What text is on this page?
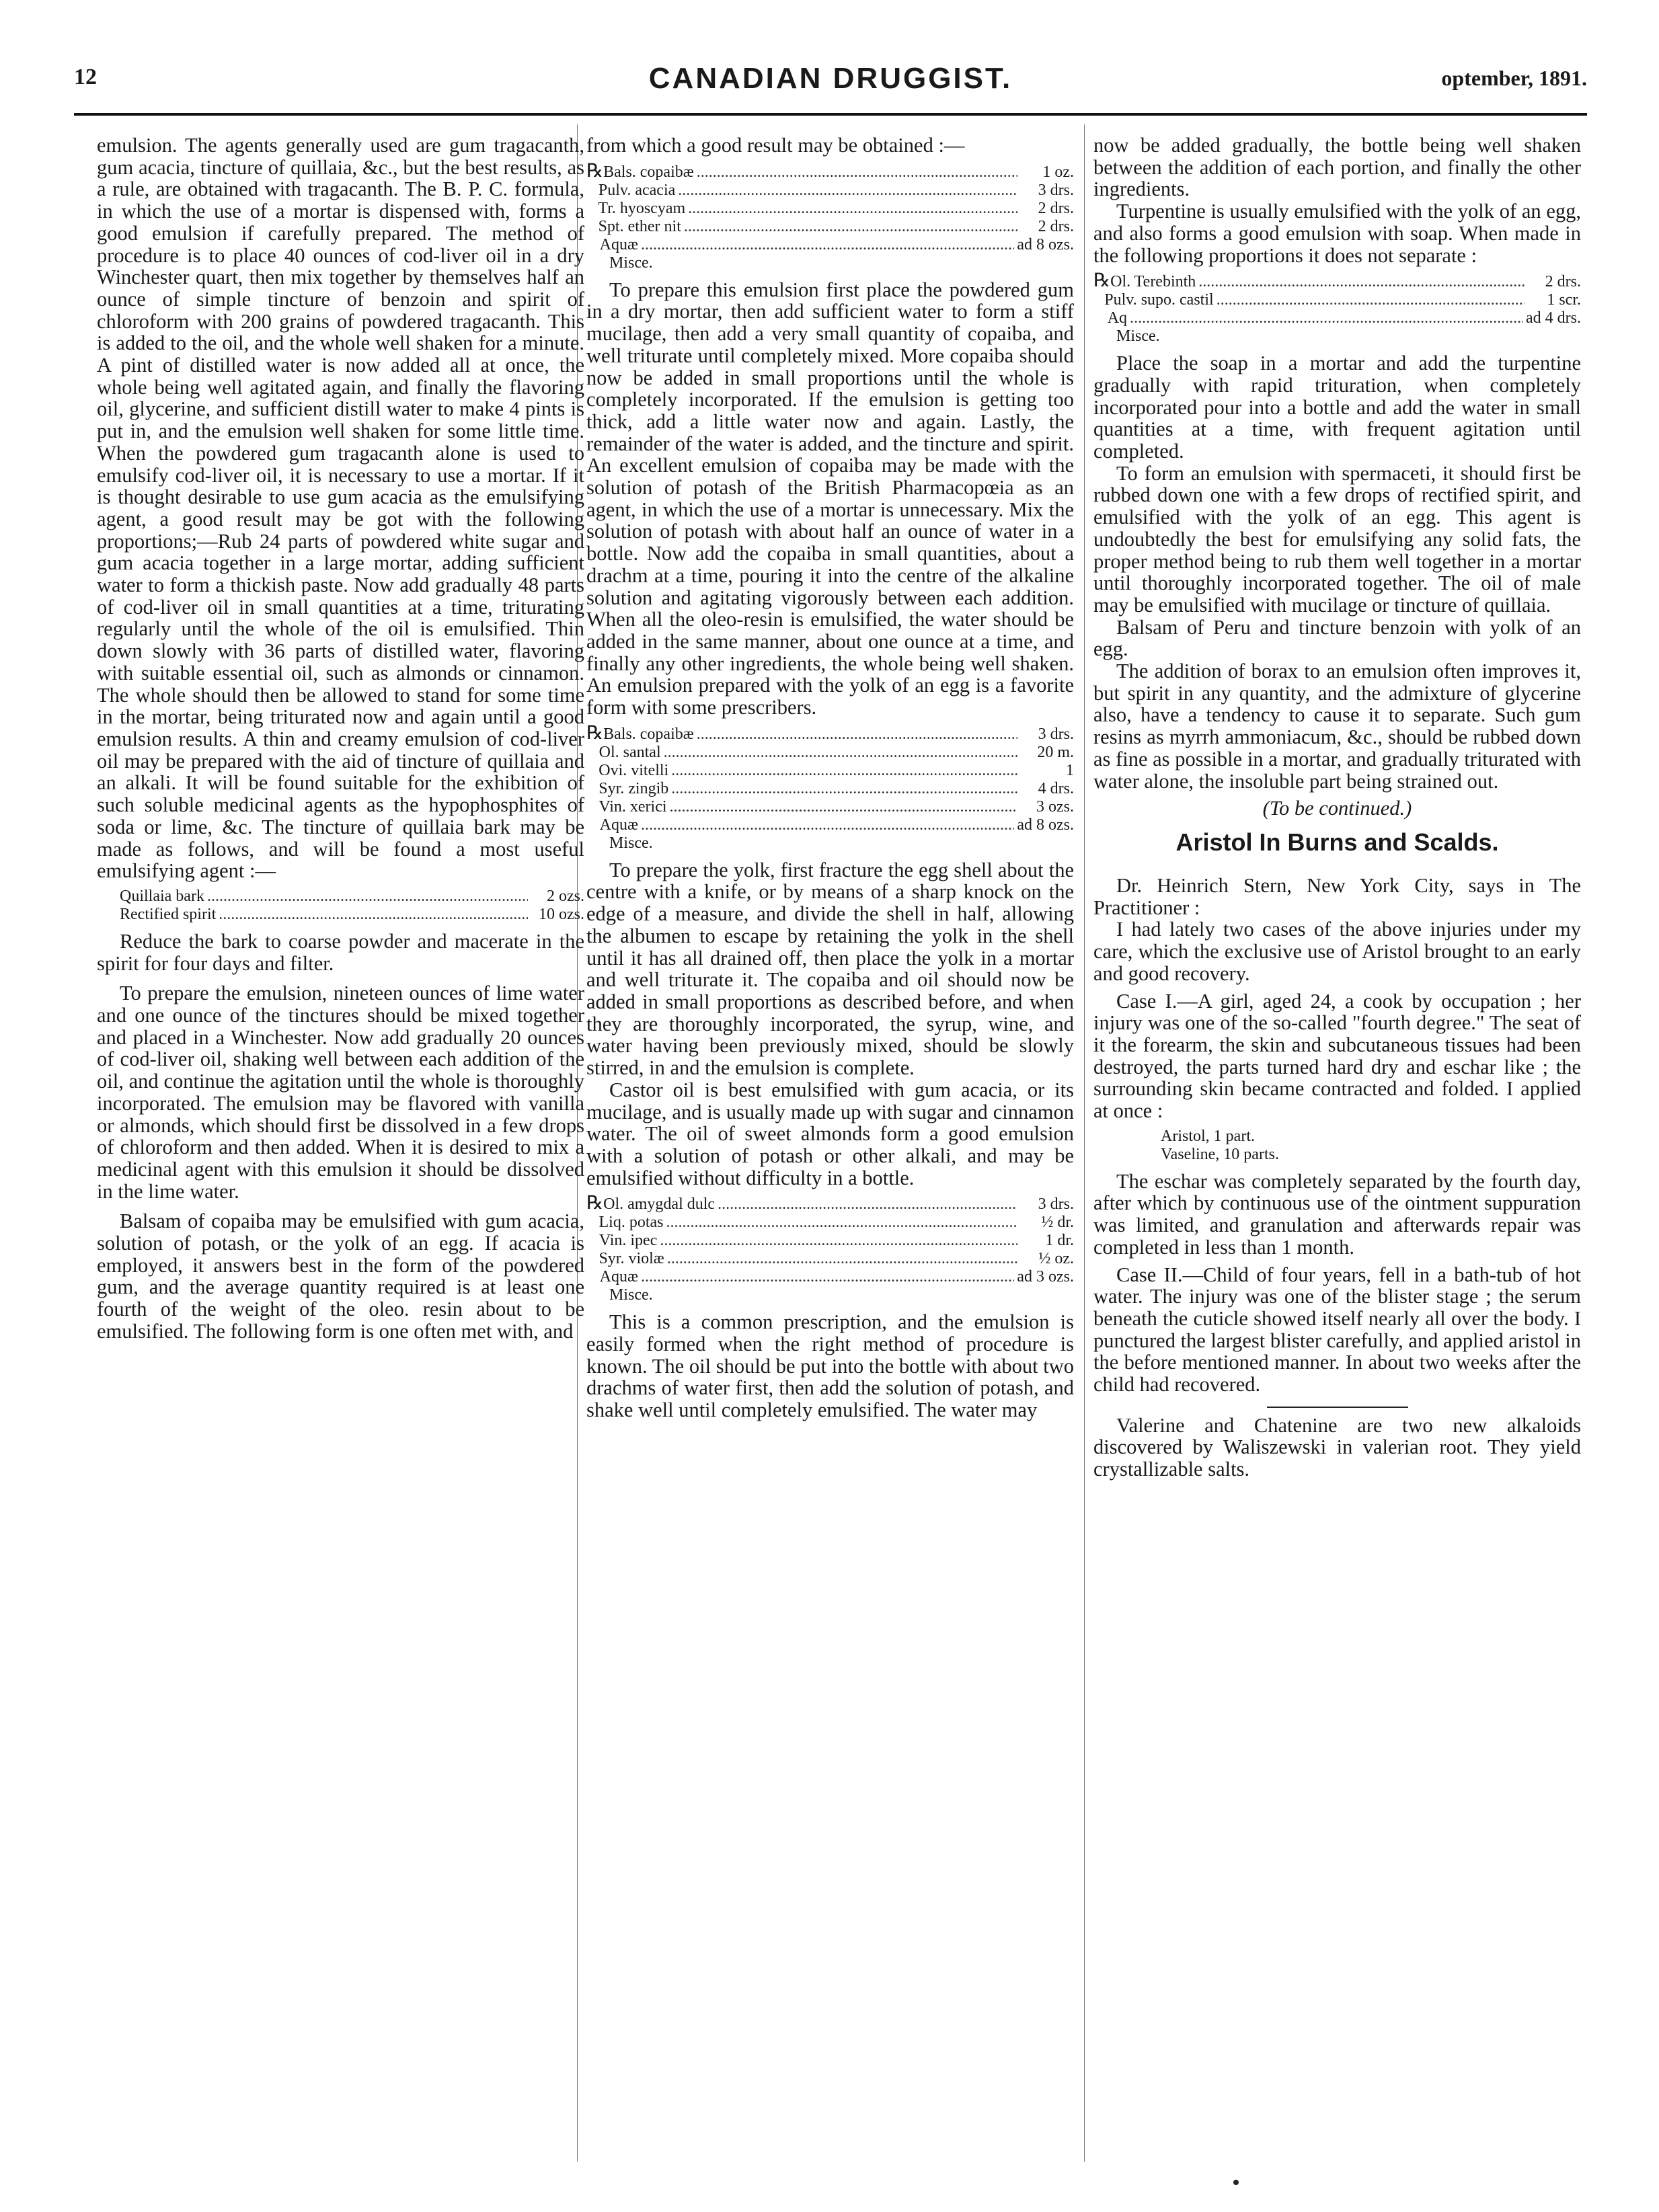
12	CANADIAN DRUGGIST.	optember, 1891.

emulsion. The agents generally used are gum tragacanth, gum acacia, tincture of quillaia, &c., but the best results, as a rule, are obtained with tragacanth. The B. P. C. formula, in which the use of a mortar is dispensed with, forms a good emulsion if carefully prepared. The method of procedure is to place 40 ounces of cod-liver oil in a dry Winchester quart, then mix together by themselves half an ounce of simple tincture of benzoin and spirit of chloroform with 200 grains of powdered tragacanth. This is added to the oil, and the whole well shaken for a minute. A pint of distilled water is now added all at once, the whole being well agitated again, and finally the flavoring oil, glycerine, and sufficient distill water to make 4 pints is put in, and the emulsion well shaken for some little time. When the powdered gum tragacanth alone is used to emulsify cod-liver oil, it is necessary to use a mortar. If it is thought desirable to use gum acacia as the emulsifying agent, a good result may be got with the following proportions;—Rub 24 parts of powdered white sugar and gum acacia together in a large mortar, adding sufficient water to form a thickish paste. Now add gradually 48 parts of cod-liver oil in small quantities at a time, triturating regularly until the whole of the oil is emulsified. Thin down slowly with 36 parts of distilled water, flavoring with suitable essential oil, such as almonds or cinnamon. The whole should then be allowed to stand for some time in the mortar, being triturated now and again until a good emulsion results. A thin and creamy emulsion of cod-liver oil may be prepared with the aid of tincture of quillaia and an alkali. It will be found suitable for the exhibition of such soluble medicinal agents as the hypophosphites of soda or lime, &c. The tincture of quillaia bark may be made as follows, and will be found a most useful emulsifying agent :—

Quillaia bark .....	2 ozs.
Rectified spirit .....	10 ozs.

Reduce the bark to coarse powder and macerate in the spirit for four days and filter.

To prepare the emulsion, nineteen ounces of lime water and one ounce of the tinctures should be mixed together and placed in a Winchester. Now add gradually 20 ounces of cod-liver oil, shaking well between each addition of the oil, and continue the agitation until the whole is thoroughly incorporated. The emulsion may be flavored with vanilla or almonds, which should first be dissolved in a few drops of chloroform and then added. When it is desired to mix a medicinal agent with this emulsion it should be dissolved in the lime water.

Balsam of copaiba may be emulsified with gum acacia, solution of potash, or the yolk of an egg. If acacia is employed, it answers best in the form of the powdered gum, and the average quantity required is at least one fourth of the weight of the oleo. resin about to be emulsified. The following form is one often met with, and

from which a good result may be obtained :—

℞ Bals. copaibæ .....	1 oz.
Pulv. acacia .....	3 drs.
Tr. hyoscyam .....	2 drs.
Spt. ether nit .....	2 drs.
Aquæ .....	ad 8 ozs.
Misce.

To prepare this emulsion first place the powdered gum in a dry mortar, then add sufficient water to form a stiff mucilage, then add a very small quantity of copaiba, and well triturate until completely mixed. More copaiba should now be added in small proportions until the whole is completely incorporated. If the emulsion is getting too thick, add a little water now and again. Lastly, the remainder of the water is added, and the tincture and spirit. An excellent emulsion of copaiba may be made with the solution of potash of the British Pharmacopœia as an agent, in which the use of a mortar is unnecessary. Mix the solution of potash with about half an ounce of water in a bottle. Now add the copaiba in small quantities, about a drachm at a time, pouring it into the centre of the alkaline solution and agitating vigorously between each addition. When all the oleo-resin is emulsified, the water should be added in the same manner, about one ounce at a time, and finally any other ingredients, the whole being well shaken. An emulsion prepared with the yolk of an egg is a favorite form with some prescribers.

℞ Bals. copaibæ .....	3 drs.
Ol. santal .....	20 m.
Ovi. vitelli .....	1
Syr. zingib .....	4 drs.
Vin. xerici .....	3 ozs.
Aquæ .....	ad 8 ozs.
Misce.

To prepare the yolk, first fracture the egg shell about the centre with a knife, or by means of a sharp knock on the edge of a measure, and divide the shell in half, allowing the albumen to escape by retaining the yolk in the shell until it has all drained off, then place the yolk in a mortar and well triturate it. The copaiba and oil should now be added in small proportions as described before, and when they are thoroughly incorporated, the syrup, wine, and water having been previously mixed, should be slowly stirred, in and the emulsion is complete.

Castor oil is best emulsified with gum acacia, or its mucilage, and is usually made up with sugar and cinnamon water. The oil of sweet almonds form a good emulsion with a solution of potash or other alkali, and may be emulsified without difficulty in a bottle.

℞ Ol. amygdal dulc .....	3 drs.
Liq. potas .....	½ dr.
Vin. ipec .....	1 dr.
Syr. violæ .....	½ oz.
Aquæ .....	ad 3 ozs.
Misce.

This is a common prescription, and the emulsion is easily formed when the right method of procedure is known. The oil should be put into the bottle with about two drachms of water first, then add the solution of potash, and shake well until completely emulsified. The water may

now be added gradually, the bottle being well shaken between the addition of each portion, and finally the other ingredients.

Turpentine is usually emulsified with the yolk of an egg, and also forms a good emulsion with soap. When made in the following proportions it does not separate :

℞ Ol. Terebinth .....	2 drs.
Pulv. supo. castil .....	1 scr.
Aq .....	ad 4 drs.
Misce.

Place the soap in a mortar and add the turpentine gradually with rapid trituration, when completely incorporated pour into a bottle and add the water in small quantities at a time, with frequent agitation until completed.

To form an emulsion with spermaceti, it should first be rubbed down one with a few drops of rectified spirit, and emulsified with the yolk of an egg. This agent is undoubtedly the best for emulsifying any solid fats, the proper method being to rub them well together in a mortar until thoroughly incorporated together. The oil of male may be emulsified with mucilage or tincture of quillaia.

Balsam of Peru and tincture benzoin with yolk of an egg.

The addition of borax to an emulsion often improves it, but spirit in any quantity, and the admixture of glycerine also, have a tendency to cause it to separate. Such gum resins as myrrh ammoniacum, &c., should be rubbed down as fine as possible in a mortar, and gradually triturated with water alone, the insoluble part being strained out.

(To be continued.)
Aristol In Burns and Scalds.

Dr. Heinrich Stern, New York City, says in The Practitioner :

I had lately two cases of the above injuries under my care, which the exclusive use of Aristol brought to an early and good recovery.

Case I.—A girl, aged 24, a cook by occupation ; her injury was one of the so-called "fourth degree." The seat of it the forearm, the skin and subcutaneous tissues had been destroyed, the parts turned hard dry and eschar like ; the surrounding skin became contracted and folded. I applied at once :

Aristol, 1 part.
Vaseline, 10 parts.

The eschar was completely separated by the fourth day, after which by continuous use of the ointment suppuration was limited, and granulation and afterwards repair was completed in less than 1 month.

Case II.—Child of four years, fell in a bath-tub of hot water. The injury was one of the blister stage ; the serum beneath the cuticle showed itself nearly all over the body. I punctured the largest blister carefully, and applied aristol in the before mentioned manner. In about two weeks after the child had recovered.

Valerine and Chatenine are two new alkaloids discovered by Waliszewski in valerian root. They yield crystallizable salts.
